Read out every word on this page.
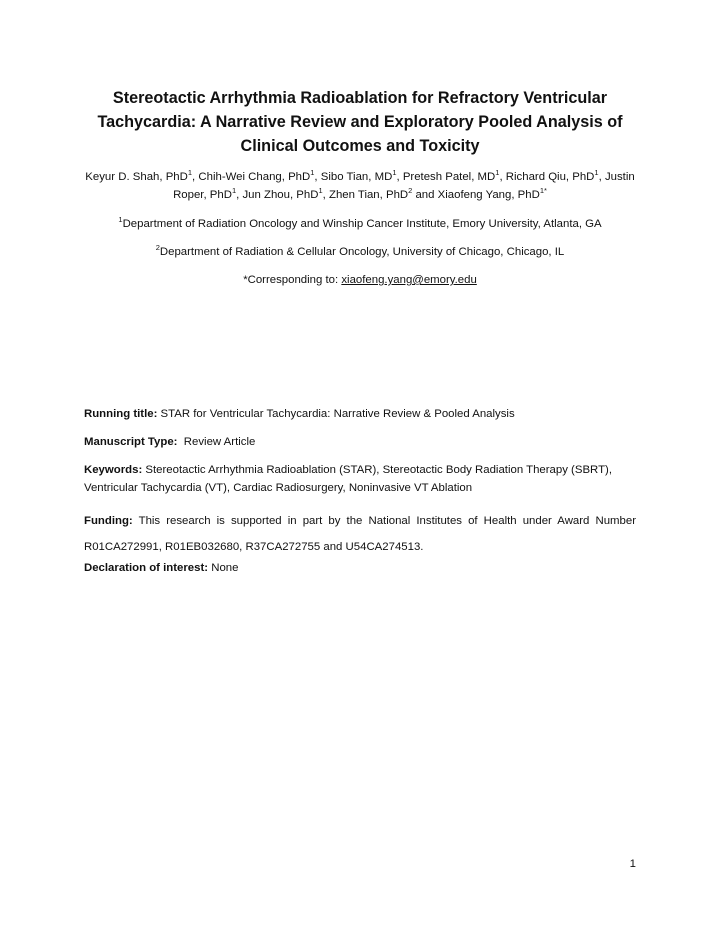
Stereotactic Arrhythmia Radioablation for Refractory Ventricular Tachycardia: A Narrative Review and Exploratory Pooled Analysis of Clinical Outcomes and Toxicity
Keyur D. Shah, PhD$^1$, Chih-Wei Chang, PhD$^1$, Sibo Tian, $MD^1$, Pretesh Patel, $MD^1$, Richard Qiu, PhD$^1$, Justin Roper, PhD$^1$, Jun Zhou, PhD$^1$, Zhen Tian, PhD$^2$ and Xiaofeng Yang, PhD$^{1*}$
$^1$Department of Radiation Oncology and Winship Cancer Institute, Emory University, Atlanta, GA
$^2$Department of Radiation & Cellular Oncology, University of Chicago, Chicago, IL
*Corresponding to: xiaofeng.yang@emory.edu
Running title: STAR for Ventricular Tachycardia: Narrative Review & Pooled Analysis
Manuscript Type:  Review Article
Keywords: Stereotactic Arrhythmia Radioablation (STAR), Stereotactic Body Radiation Therapy (SBRT), Ventricular Tachycardia (VT), Cardiac Radiosurgery, Noninvasive VT Ablation
Funding: This research is supported in part by the National Institutes of Health under Award Number R01CA272991, R01EB032680, R37CA272755 and U54CA274513.
Declaration of interest: None
1
